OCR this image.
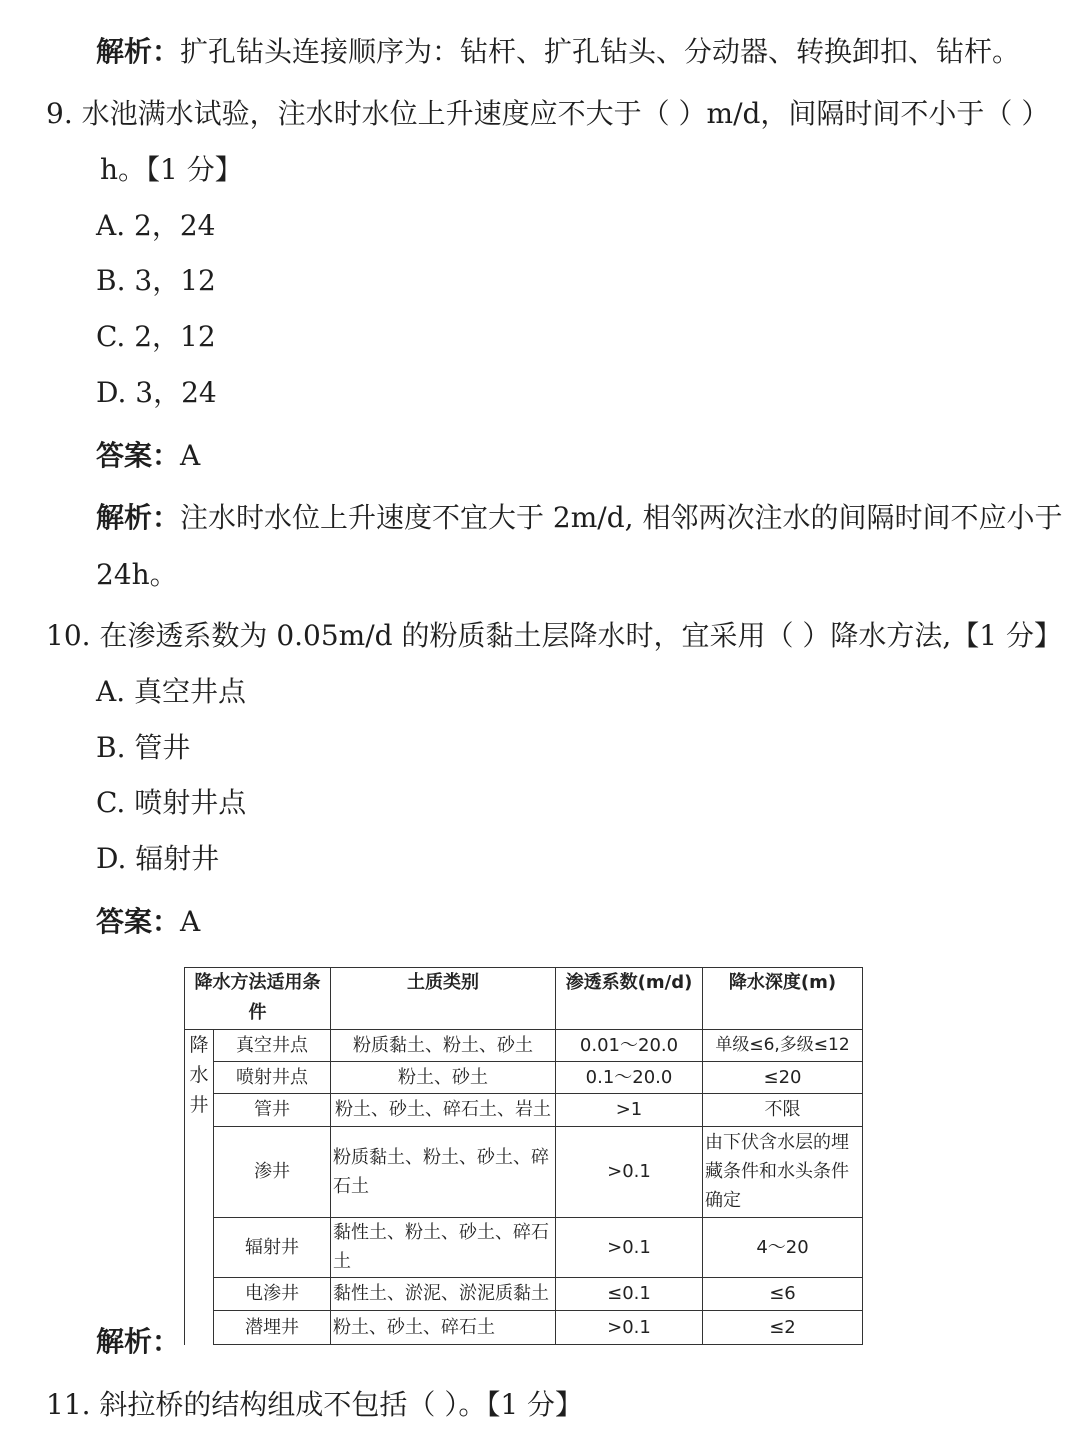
解析：扩孔钻头连接顺序为：钻杆、扩孔钻头、分动器、转换卸扣、钻杆。
9. 水池满水试验，注水时水位上升速度应不大于（ ）m/d，间隔时间不小于（ ）
h。【1 分】
A. 2，24
B. 3，12
C. 2，12
D. 3，24
答案：A
解析：注水时水位上升速度不宜大于 2m/d, 相邻两次注水的间隔时间不应小于
24h。
10. 在渗透系数为 0.05m/d 的粉质黏土层降水时，宜采用（ ）降水方法,【1 分】
A. 真空井点
B. 管井
C. 喷射井点
D. 辐射井
答案：A
解析：
降水方法适用条件		土质类别	渗透系数(m/d)	降水深度(m)

降
水
井	真空井点	粉质黏土、粉土、砂土	0.01～20.0	单级≤6,多级≤12
	喷射井点	粉土、砂土	0.1～20.0	≤20
	管井	粉土、砂土、碎石土、岩土	>1	不限
	渗井	粉质黏土、粉土、砂土、碎石土	>0.1	由下伏含水层的埋藏条件和水头条件确定
	辐射井	黏性土、粉土、砂土、碎石土	>0.1	4～20
	电渗井	黏性土、淤泥、淤泥质黏土	≤0.1	≤6
	潜埋井	粉土、砂土、碎石土	>0.1	≤2
11. 斜拉桥的结构组成不包括（ ）。【1 分】
